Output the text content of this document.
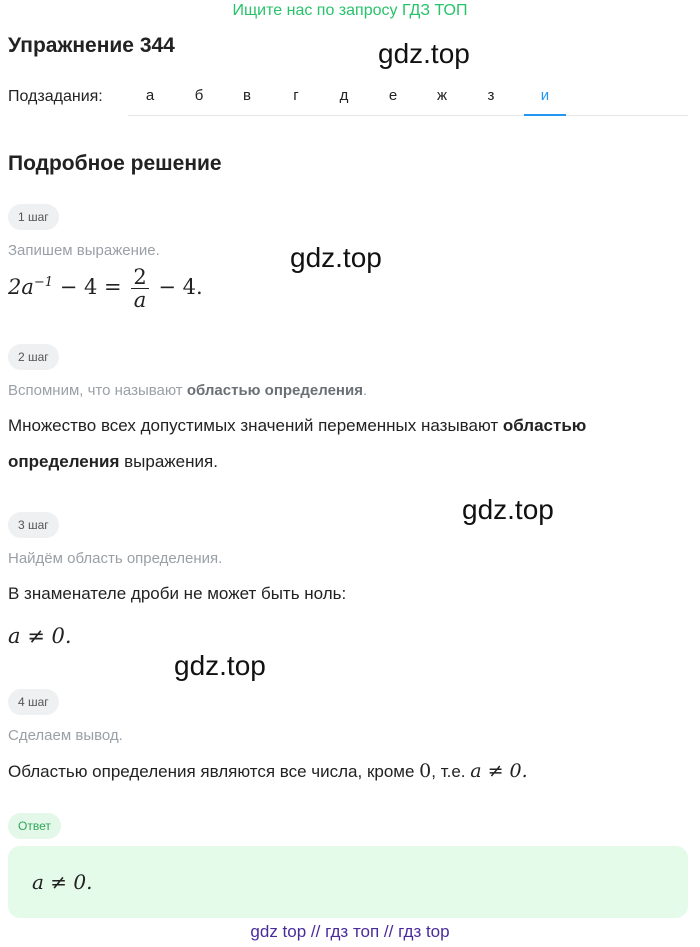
Ищите нас по запросу ГДЗ ТОП
Упражнение 344	gdz.top
Подзадания:	а	б	в	г	д	е	ж	з	и
Подробное решение
1 шаг
Запишем выражение.	gdz.top
$2a^{-1} - 4 = \frac{2}{a} - 4$.
2 шаг
Вспомним, что называют областью определения.
Множество всех допустимых значений переменных называют областью
определения выражения.
gdz.top
3 шаг
Найдём область определения.
В знаменателе дроби не может быть ноль:
a ≠ 0.
gdz.top
4 шаг
Сделаем вывод.
Областью определения являются все числа, кроме 0, т.е. a ≠ 0.
Ответ
a ≠ 0.
gdz top // гдз топ // гдз top
